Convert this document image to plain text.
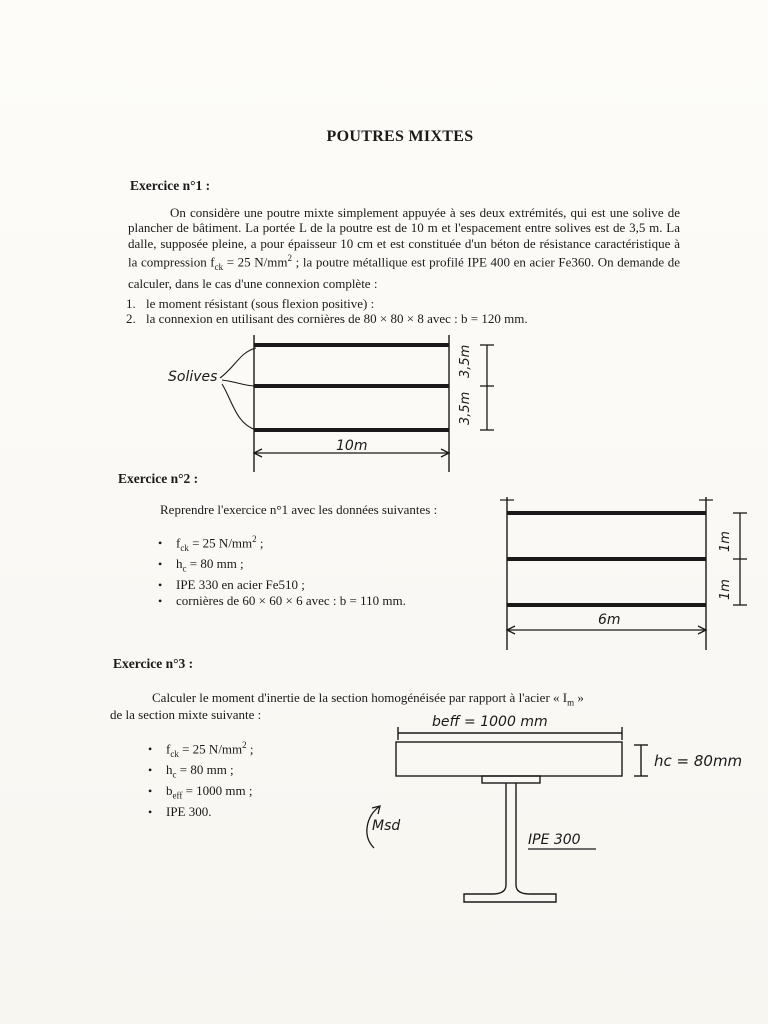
POUTRES MIXTES
Exercice n°1 :
On considère une poutre mixte simplement appuyée à ses deux extrémités, qui est une solive de plancher de bâtiment. La portée L de la poutre est de 10 m et l'espacement entre solives est de 3,5 m. La dalle, supposée pleine, a pour épaisseur 10 cm et est constituée d'un béton de résistance caractéristique à la compression $f_{ck} = 25$ $N/mm^2$ ; la poutre métallique est profilé IPE 400 en acier Fe360. On demande de calculer, dans le cas d'une connexion complète :
1. le moment résistant (sous flexion positive) :
2. la connexion en utilisant des cornières de 80 × 80 × 8 avec : b = 120 mm.
Solives
10m
3,5m
3,5m
Exercice n°2 :
Reprendre l'exercice n°1 avec les données suivantes :
•	$f_{ck} = 25$ $N/mm^2$ ;
•	$h_c = 80$ mm ;
•	IPE 330 en acier Fe510 ;
•	cornières de 60 × 60 × 6 avec : b = 110 mm.
6m
1m
1m
Exercice n°3 :
Calculer le moment d'inertie de la section homogénéisée par rapport à l'acier « $I_m$ »
de la section mixte suivante :
•	$f_{ck} = 25$ $N/mm^2$ ;
•	$h_c = 80$ mm ;
•	$b_{eff} = 1000$ mm ;
•	IPE 300.
beff = 1000 mm
hc = 80mm
Msd
IPE 300
